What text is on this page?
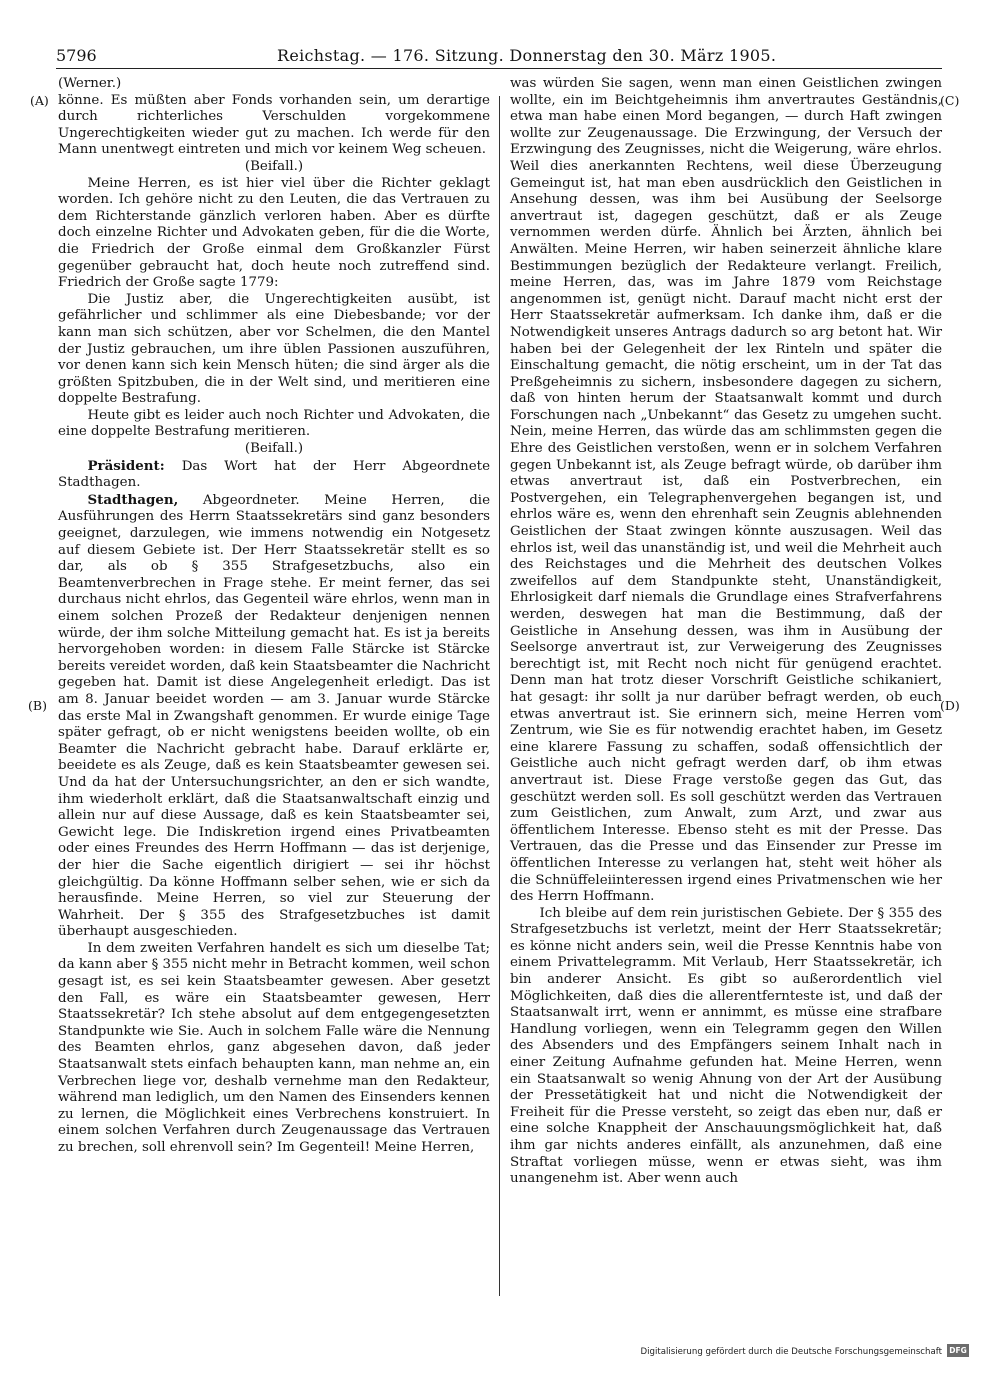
5796	Reichstag. — 176. Sitzung. Donnerstag den 30. März 1905.
(A)
(B)
(C)
(D)

(Werner.)

könne. Es müßten aber Fonds vorhanden sein, um derartige durch richterliches Verschulden vorgekommene Ungerechtigkeiten wieder gut zu machen. Ich werde für den Mann unentwegt eintreten und mich vor keinem Weg scheuen.

(Beifall.)

Meine Herren, es ist hier viel über die Richter geklagt worden. Ich gehöre nicht zu den Leuten, die das Vertrauen zu dem Richterstande gänzlich verloren haben. Aber es dürfte doch einzelne Richter und Advokaten geben, für die die Worte, die Friedrich der Große einmal dem Großkanzler Fürst gegenüber gebraucht hat, doch heute noch zutreffend sind. Friedrich der Große sagte 1779:

Die Justiz aber, die Ungerechtigkeiten ausübt, ist gefährlicher und schlimmer als eine Diebesbande; vor der kann man sich schützen, aber vor Schelmen, die den Mantel der Justiz gebrauchen, um ihre üblen Passionen auszuführen, vor denen kann sich kein Mensch hüten; die sind ärger als die größten Spitzbuben, die in der Welt sind, und meritieren eine doppelte Bestrafung.

Heute gibt es leider auch noch Richter und Advokaten, die eine doppelte Bestrafung meritieren.

(Beifall.)

Präsident: Das Wort hat der Herr Abgeordnete Stadthagen.

Stadthagen, Abgeordneter. Meine Herren, die Ausführungen des Herrn Staatssekretärs sind ganz besonders geeignet, darzulegen, wie immens notwendig ein Notgesetz auf diesem Gebiete ist. Der Herr Staatssekretär stellt es so dar, als ob § 355 Strafgesetzbuchs, also ein Beamtenverbrechen in Frage stehe. Er meint ferner, das sei durchaus nicht ehrlos, das Gegenteil wäre ehrlos, wenn man in einem solchen Prozeß der Redakteur denjenigen nennen würde, der ihm solche Mitteilung gemacht hat. Es ist ja bereits hervorgehoben worden: in diesem Falle Stärcke ist Stärcke bereits vereidet worden, daß kein Staatsbeamter die Nachricht gegeben hat. Damit ist diese Angelegenheit erledigt. Das ist am 8. Januar beeidet worden — am 3. Januar wurde Stärcke das erste Mal in Zwangshaft genommen. Er wurde einige Tage später gefragt, ob er nicht wenigstens beeiden wollte, ob ein Beamter die Nachricht gebracht habe. Darauf erklärte er, beeidete es als Zeuge, daß es kein Staatsbeamter gewesen sei. Und da hat der Untersuchungsrichter, an den er sich wandte, ihm wiederholt erklärt, daß die Staatsanwaltschaft einzig und allein nur auf diese Aussage, daß es kein Staatsbeamter sei, Gewicht lege. Die Indiskretion irgend eines Privatbeamten oder eines Freundes des Herrn Hoffmann — das ist derjenige, der hier die Sache eigentlich dirigiert — sei ihr höchst gleichgültig. Da könne Hoffmann selber sehen, wie er sich da herausfinde. Meine Herren, so viel zur Steuerung der Wahrheit. Der § 355 des Strafgesetzbuches ist damit überhaupt ausgeschieden.

In dem zweiten Verfahren handelt es sich um dieselbe Tat; da kann aber § 355 nicht mehr in Betracht kommen, weil schon gesagt ist, es sei kein Staatsbeamter gewesen. Aber gesetzt den Fall, es wäre ein Staatsbeamter gewesen, Herr Staatssekretär? Ich stehe absolut auf dem entgegengesetzten Standpunkte wie Sie. Auch in solchem Falle wäre die Nennung des Beamten ehrlos, ganz abgesehen davon, daß jeder Staatsanwalt stets einfach behaupten kann, man nehme an, ein Verbrechen liege vor, deshalb vernehme man den Redakteur, während man lediglich, um den Namen des Einsenders kennen zu lernen, die Möglichkeit eines Verbrechens konstruiert. In einem solchen Verfahren durch Zeugenaussage das Vertrauen zu brechen, soll ehrenvoll sein? Im Gegenteil! Meine Herren,

was würden Sie sagen, wenn man einen Geistlichen zwingen wollte, ein im Beichtgeheimnis ihm anvertrautes Geständnis, etwa man habe einen Mord begangen, — durch Haft zwingen wollte zur Zeugenaussage. Die Erzwingung, der Versuch der Erzwingung des Zeugnisses, nicht die Weigerung, wäre ehrlos. Weil dies anerkannten Rechtens, weil diese Überzeugung Gemeingut ist, hat man eben ausdrücklich den Geistlichen in Ansehung dessen, was ihm bei Ausübung der Seelsorge anvertraut ist, dagegen geschützt, daß er als Zeuge vernommen werden dürfe. Ähnlich bei Ärzten, ähnlich bei Anwälten. Meine Herren, wir haben seinerzeit ähnliche klare Bestimmungen bezüglich der Redakteure verlangt. Freilich, meine Herren, das, was im Jahre 1879 vom Reichstage angenommen ist, genügt nicht. Darauf macht nicht erst der Herr Staatssekretär aufmerksam. Ich danke ihm, daß er die Notwendigkeit unseres Antrags dadurch so arg betont hat. Wir haben bei der Gelegenheit der lex Rinteln und später die Einschaltung gemacht, die nötig erscheint, um in der Tat das Preßgeheimnis zu sichern, insbesondere dagegen zu sichern, daß von hinten herum der Staatsanwalt kommt und durch Forschungen nach „Unbekannt“ das Gesetz zu umgehen sucht. Nein, meine Herren, das würde das am schlimmsten gegen die Ehre des Geistlichen verstoßen, wenn er in solchem Verfahren gegen Unbekannt ist, als Zeuge befragt würde, ob darüber ihm etwas anvertraut ist, daß ein Postverbrechen, ein Postvergehen, ein Telegraphenvergehen begangen ist, und ehrlos wäre es, wenn den ehrenhaft sein Zeugnis ablehnenden Geistlichen der Staat zwingen könnte auszusagen. Weil das ehrlos ist, weil das unanständig ist, und weil die Mehrheit auch des Reichstages und die Mehrheit des deutschen Volkes zweifellos auf dem Standpunkte steht, Unanständigkeit, Ehrlosigkeit darf niemals die Grundlage eines Strafverfahrens werden, deswegen hat man die Bestimmung, daß der Geistliche in Ansehung dessen, was ihm in Ausübung der Seelsorge anvertraut ist, zur Verweigerung des Zeugnisses berechtigt ist, mit Recht noch nicht für genügend erachtet. Denn man hat trotz dieser Vorschrift Geistliche schikaniert, hat gesagt: ihr sollt ja nur darüber befragt werden, ob euch etwas anvertraut ist. Sie erinnern sich, meine Herren vom Zentrum, wie Sie es für notwendig erachtet haben, im Gesetz eine klarere Fassung zu schaffen, sodaß offensichtlich der Geistliche auch nicht gefragt werden darf, ob ihm etwas anvertraut ist. Diese Frage verstoße gegen das Gut, das geschützt werden soll. Es soll geschützt werden das Vertrauen zum Geistlichen, zum Anwalt, zum Arzt, und zwar aus öffentlichem Interesse. Ebenso steht es mit der Presse. Das Vertrauen, das die Presse und das Einsender zur Presse im öffentlichen Interesse zu verlangen hat, steht weit höher als die Schnüffeleiinteressen irgend eines Privatmenschen wie her des Herrn Hoffmann.

Ich bleibe auf dem rein juristischen Gebiete. Der § 355 des Strafgesetzbuchs ist verletzt, meint der Herr Staatssekretär; es könne nicht anders sein, weil die Presse Kenntnis habe von einem Privattelegramm. Mit Verlaub, Herr Staatssekretär, ich bin anderer Ansicht. Es gibt so außerordentlich viel Möglichkeiten, daß dies die allerentfernteste ist, und daß der Staatsanwalt irrt, wenn er annimmt, es müsse eine strafbare Handlung vorliegen, wenn ein Telegramm gegen den Willen des Absenders und des Empfängers seinem Inhalt nach in einer Zeitung Aufnahme gefunden hat. Meine Herren, wenn ein Staatsanwalt so wenig Ahnung von der Art der Ausübung der Pressetätigkeit hat und nicht die Notwendigkeit der Freiheit für die Presse versteht, so zeigt das eben nur, daß er eine solche Knappheit der Anschauungsmöglichkeit hat, daß ihm gar nichts anderes einfällt, als anzunehmen, daß eine Straftat vorliegen müsse, wenn er etwas sieht, was ihm unangenehm ist. Aber wenn auch

Digitalisierung gefördert durch die Deutsche Forschungsgemeinschaft DFG
